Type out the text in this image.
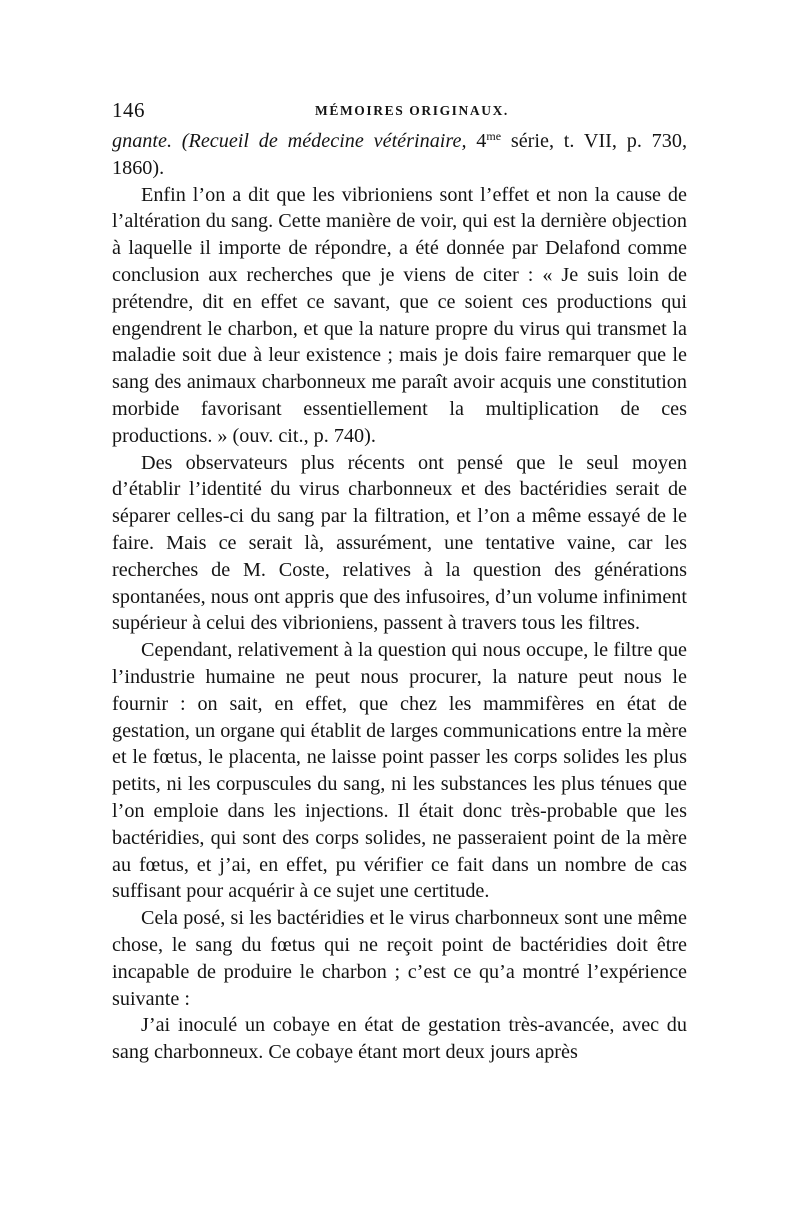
146	MÉMOIRES ORIGINAUX.

gnante. (Recueil de médecine vétérinaire, $4^{me}$ série, t. VII, p. 730, 1860).

Enfin l’on a dit que les vibrioniens sont l’effet et non la cause de l’altération du sang. Cette manière de voir, qui est la dernière objection à laquelle il importe de répondre, a été donnée par Delafond comme conclusion aux recherches que je viens de citer : « Je suis loin de prétendre, dit en effet ce savant, que ce soient ces productions qui engendrent le charbon, et que la nature propre du virus qui transmet la maladie soit due à leur existence ; mais je dois faire remarquer que le sang des animaux charbonneux me paraît avoir acquis une constitution morbide favorisant essentiellement la multiplication de ces productions. » (ouv. cit., p. 740).

Des observateurs plus récents ont pensé que le seul moyen d’établir l’identité du virus charbonneux et des bactéridies serait de séparer celles-ci du sang par la filtration, et l’on a même essayé de le faire. Mais ce serait là, assurément, une tentative vaine, car les recherches de M. Coste, relatives à la question des générations spontanées, nous ont appris que des infusoires, d’un volume infiniment supérieur à celui des vibrioniens, passent à travers tous les filtres.

Cependant, relativement à la question qui nous occupe, le filtre que l’industrie humaine ne peut nous procurer, la nature peut nous le fournir : on sait, en effet, que chez les mammifères en état de gestation, un organe qui établit de larges communications entre la mère et le fœtus, le placenta, ne laisse point passer les corps solides les plus petits, ni les corpuscules du sang, ni les substances les plus ténues que l’on emploie dans les injections. Il était donc très-probable que les bactéridies, qui sont des corps solides, ne passeraient point de la mère au fœtus, et j’ai, en effet, pu vérifier ce fait dans un nombre de cas suffisant pour acquérir à ce sujet une certitude.

Cela posé, si les bactéridies et le virus charbonneux sont une même chose, le sang du fœtus qui ne reçoit point de bactéridies doit être incapable de produire le charbon ; c’est ce qu’a montré l’expérience suivante :

J’ai inoculé un cobaye en état de gestation très-avancée, avec du sang charbonneux. Ce cobaye étant mort deux jours après
